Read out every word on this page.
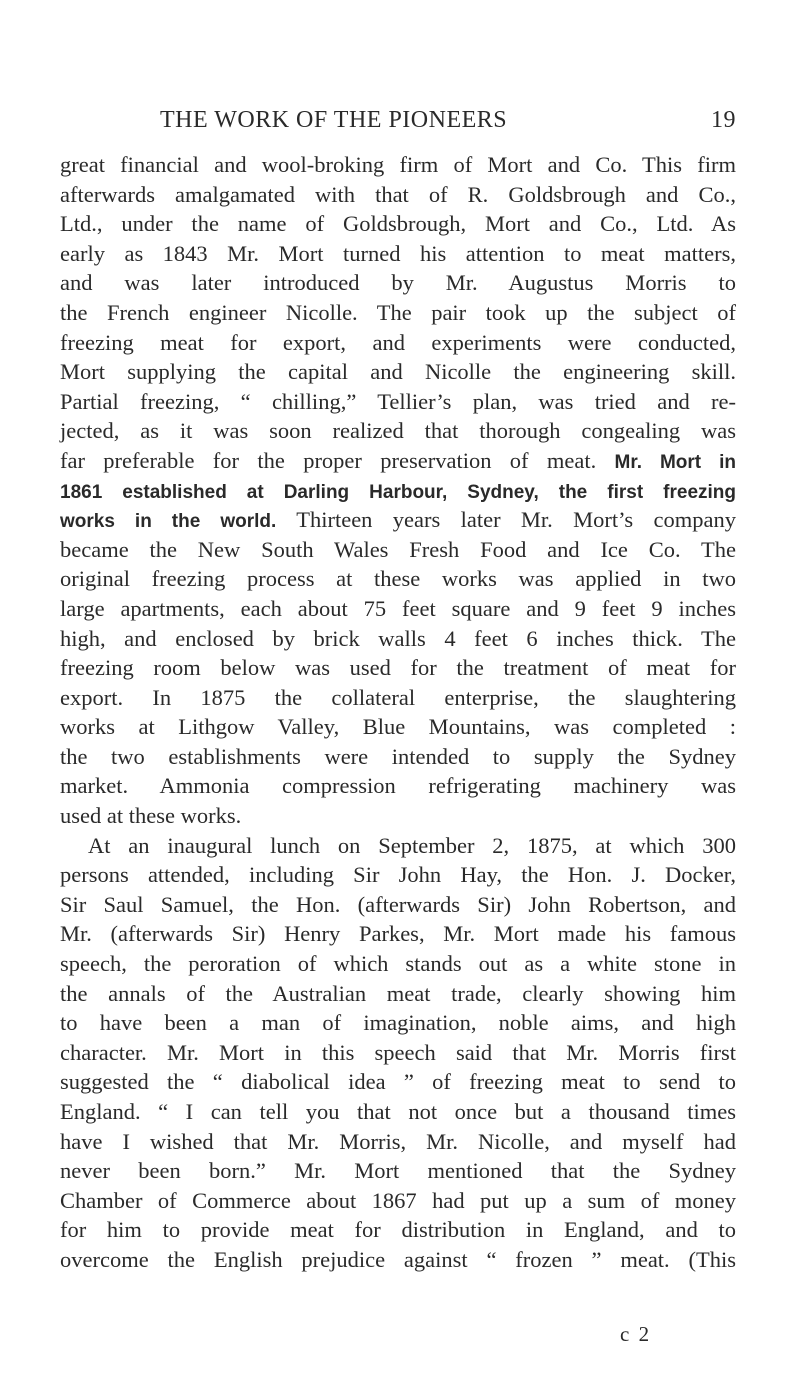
THE WORK OF THE PIONEERS	19
great financial and wool-broking firm of Mort and Co. This firm
afterwards amalgamated with that of R. Goldsbrough and Co.,
Ltd., under the name of Goldsbrough, Mort and Co., Ltd. As
early as 1843 Mr. Mort turned his attention to meat matters,
and was later introduced by Mr. Augustus Morris to
the French engineer Nicolle. The pair took up the subject of
freezing meat for export, and experiments were conducted,
Mort supplying the capital and Nicolle the engineering skill.
Partial freezing, “ chilling,” Tellier’s plan, was tried and re-
jected, as it was soon realized that thorough congealing was
far preferable for the proper preservation of meat. Mr. Mort in
1861 established at Darling Harbour, Sydney, the first freezing
works in the world. Thirteen years later Mr. Mort’s company
became the New South Wales Fresh Food and Ice Co. The
original freezing process at these works was applied in two
large apartments, each about 75 feet square and 9 feet 9 inches
high, and enclosed by brick walls 4 feet 6 inches thick. The
freezing room below was used for the treatment of meat for
export. In 1875 the collateral enterprise, the slaughtering
works at Lithgow Valley, Blue Mountains, was completed :
the two establishments were intended to supply the Sydney
market. Ammonia compression refrigerating machinery was
used at these works.
At an inaugural lunch on September 2, 1875, at which 300
persons attended, including Sir John Hay, the Hon. J. Docker,
Sir Saul Samuel, the Hon. (afterwards Sir) John Robertson, and
Mr. (afterwards Sir) Henry Parkes, Mr. Mort made his famous
speech, the peroration of which stands out as a white stone in
the annals of the Australian meat trade, clearly showing him
to have been a man of imagination, noble aims, and high
character. Mr. Mort in this speech said that Mr. Morris first
suggested the “ diabolical idea ” of freezing meat to send to
England. “ I can tell you that not once but a thousand times
have I wished that Mr. Morris, Mr. Nicolle, and myself had
never been born.” Mr. Mort mentioned that the Sydney
Chamber of Commerce about 1867 had put up a sum of money
for him to provide meat for distribution in England, and to
overcome the English prejudice against “ frozen ” meat. (This
c 2
